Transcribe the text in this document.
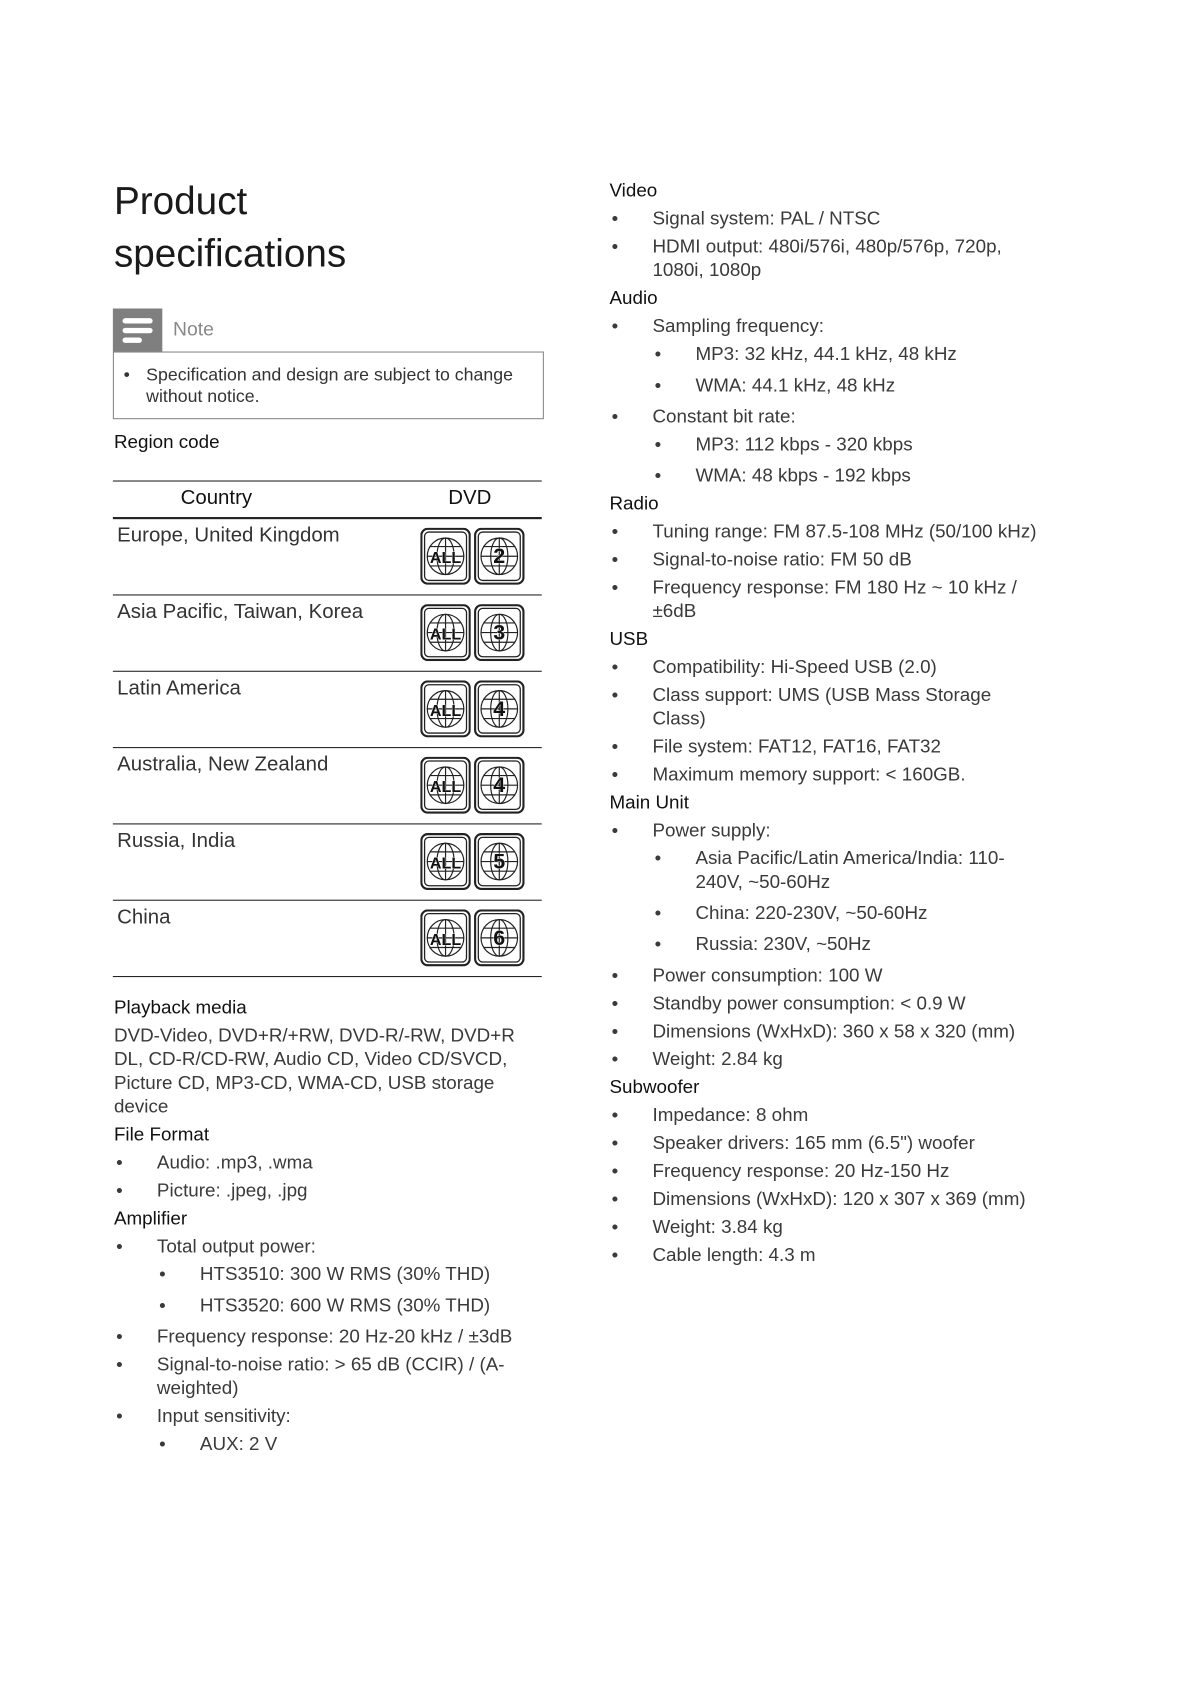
Product
specifications
Note
• Specification and design are subject to change without notice.
Region code
Country	DVD
Europe, United Kingdom
ALL 2
Asia Pacific, Taiwan, Korea
ALL 3
Latin America
ALL 4
Australia, New Zealand
ALL 4
Russia, India
ALL 5
China
ALL 6
Playback media

DVD-Video, DVD+R/+RW, DVD-R/-RW, DVD+R DL, CD-R/CD-RW, Audio CD, Video CD/SVCD, Picture CD, MP3-CD, WMA-CD, USB storage device

File Format
• Audio: .mp3, .wma
• Picture: .jpeg, .jpg
Amplifier
• Total output power:
• HTS3510: 300 W RMS (30% THD)
• HTS3520: 600 W RMS (30% THD)
• Frequency response: 20 Hz-20 kHz / ±3dB
• Signal-to-noise ratio: > 65 dB (CCIR) / (A-weighted)
• Input sensitivity:
• AUX: 2 V
Video
• Signal system: PAL / NTSC
• HDMI output: 480i/576i, 480p/576p, 720p, 1080i, 1080p
Audio
• Sampling frequency:
• MP3: 32 kHz, 44.1 kHz, 48 kHz
• WMA: 44.1 kHz, 48 kHz
• Constant bit rate:
• MP3: 112 kbps - 320 kbps
• WMA: 48 kbps - 192 kbps
Radio
• Tuning range: FM 87.5-108 MHz (50/100 kHz)
• Signal-to-noise ratio: FM 50 dB
• Frequency response: FM 180 Hz ~ 10 kHz / ±6dB
USB
• Compatibility: Hi-Speed USB (2.0)
• Class support: UMS (USB Mass Storage Class)
• File system: FAT12, FAT16, FAT32
• Maximum memory support: < 160GB.
Main Unit
• Power supply:
• Asia Pacific/Latin America/India: 110-240V, ~50-60Hz
• China: 220-230V, ~50-60Hz
• Russia: 230V, ~50Hz
• Power consumption: 100 W
• Standby power consumption: < 0.9 W
• Dimensions (WxHxD): 360 x 58 x 320 (mm)
• Weight: 2.84 kg
Subwoofer
• Impedance: 8 ohm
• Speaker drivers: 165 mm (6.5") woofer
• Frequency response: 20 Hz-150 Hz
• Dimensions (WxHxD): 120 x 307 x 369 (mm)
• Weight: 3.84 kg
• Cable length: 4.3 m
